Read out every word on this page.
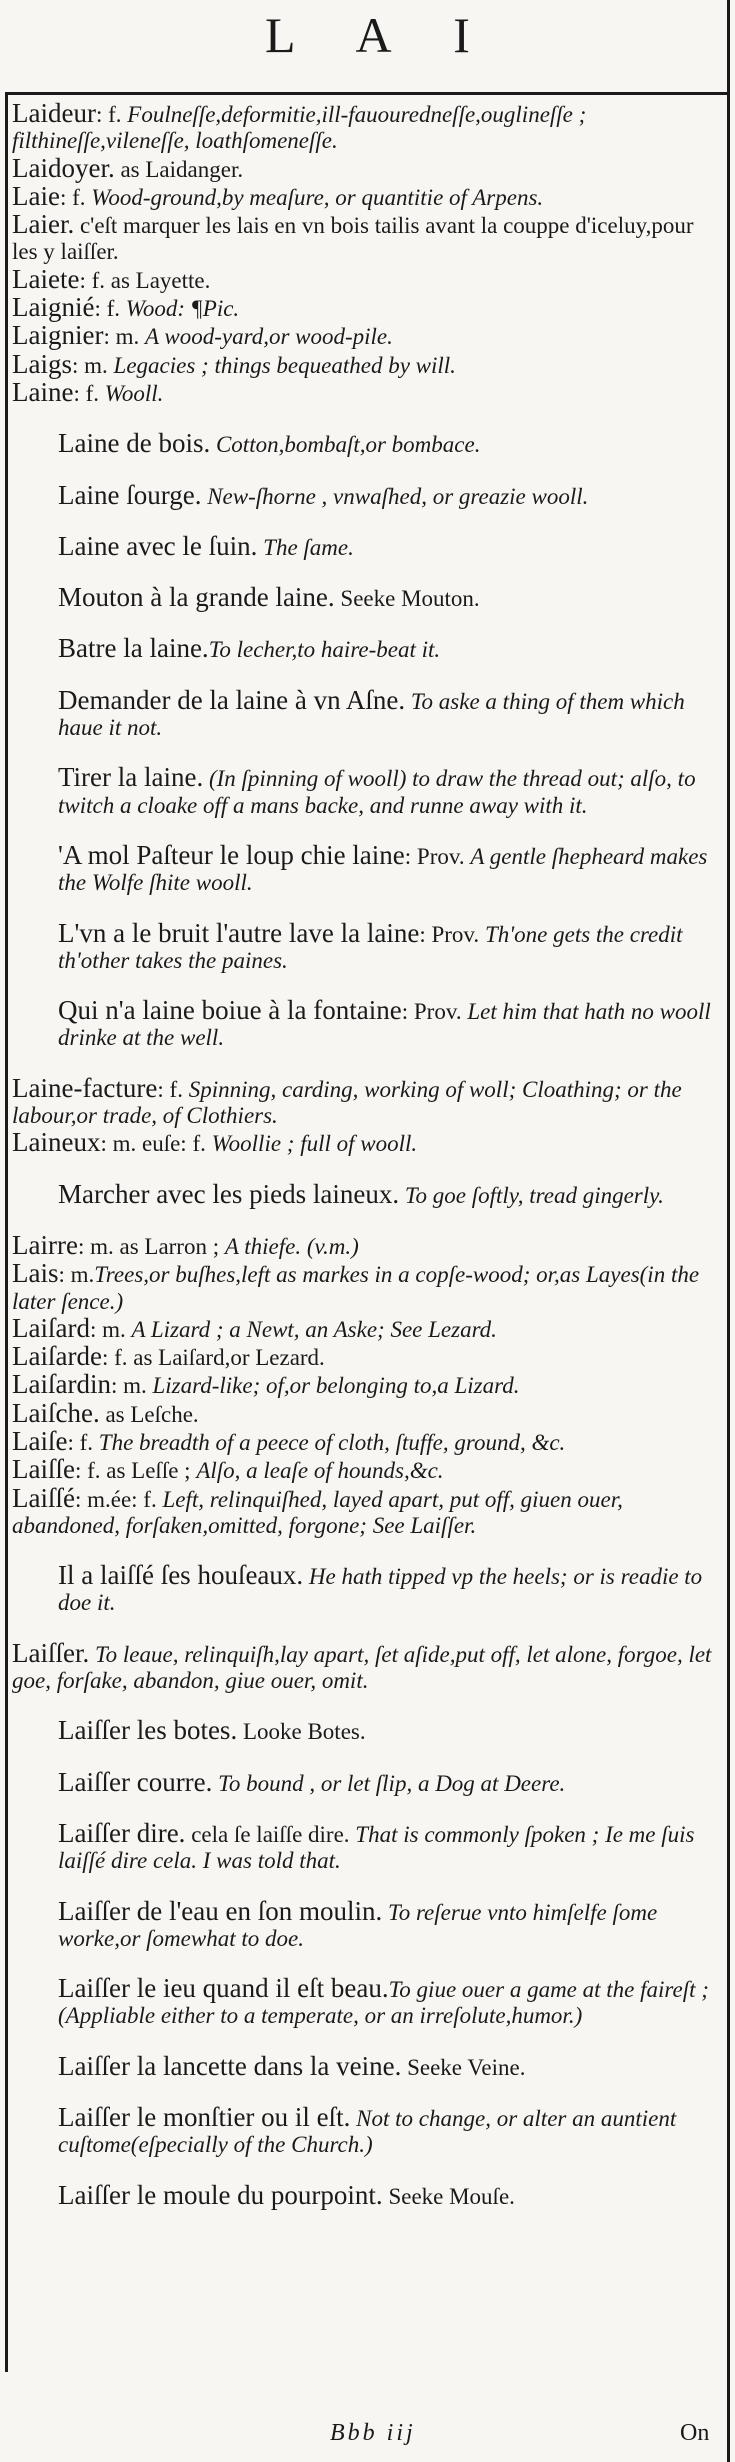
L A I

Laideur: f. Foulneſſe,deformitie,ill-fauouredneſſe,ouglineſſe ; filthineſſe,vileneſſe, loathſomeneſſe.

Laidoyer. as Laidanger.

Laie: f. Wood-ground,by meaſure, or quantitie of Arpens.

Laier. c'eſt marquer les lais en vn bois tailis avant la couppe d'iceluy,pour les y laiſſer.

Laiete: f. as Layette.

Laignié: f. Wood: ¶Pic.

Laignier: m. A wood-yard,or wood-pile.

Laigs: m. Legacies ; things bequeathed by will.

Laine: f. Wooll.

Laine de bois. Cotton,bombaſt,or bombace.

Laine ſourge. New-ſhorne , vnwaſhed, or greazie wooll.

Laine avec le ſuin. The ſame.

Mouton à la grande laine. Seeke Mouton.

Batre la laine.To lecher,to haire-beat it.

Demander de la laine à vn Aſne. To aske a thing of them which haue it not.

Tirer la laine. (In ſpinning of wooll) to draw the thread out; alſo, to twitch a cloake off a mans backe, and runne away with it.

'A mol Paſteur le loup chie laine: Prov. A gentle ſhepheard makes the Wolfe ſhite wooll.

L'vn a le bruit l'autre lave la laine: Prov. Th'one gets the credit th'other takes the paines.

Qui n'a laine boiue à la fontaine: Prov. Let him that hath no wooll drinke at the well.

Laine-facture: f. Spinning, carding, working of woll; Cloathing; or the labour,or trade, of Clothiers.

Laineux: m. euſe: f. Woollie ; full of wooll.

Marcher avec les pieds laineux. To goe ſoftly, tread gingerly.

Lairre: m. as Larron ; A thiefe. (v.m.)

Lais: m.Trees,or buſhes,left as markes in a copſe-wood; or,as Layes(in the later ſence.)

Laiſard: m. A Lizard ; a Newt, an Aske; See Lezard.

Laiſarde: f. as Laiſard,or Lezard.

Laiſardin: m. Lizard-like; of,or belonging to,a Lizard.

Laiſche. as Leſche.

Laiſe: f. The breadth of a peece of cloth, ſtuffe, ground, &c.

Laiſſe: f. as Leſſe ; Alſo, a leaſe of hounds,&c.

Laiſſé: m.ée: f. Left, relinquiſhed, layed apart, put off, giuen ouer, abandoned, forſaken,omitted, forgone; See Laiſſer.

Il a laiſſé ſes houſeaux. He hath tipped vp the heels; or is readie to doe it.

Laiſſer. To leaue, relinquiſh,lay apart, ſet aſide,put off, let alone, forgoe, let goe, forſake, abandon, giue ouer, omit.

Laiſſer les botes. Looke Botes.

Laiſſer courre. To bound , or let ſlip, a Dog at Deere.

Laiſſer dire. cela ſe laiſſe dire. That is commonly ſpoken ; Ie me ſuis laiſſé dire cela. I was told that.

Laiſſer de l'eau en ſon moulin. To reſerue vnto himſelfe ſome worke,or ſomewhat to doe.

Laiſſer le ieu quand il eſt beau.To giue ouer a game at the faireſt ; (Appliable either to a temperate, or an irreſolute,humor.)

Laiſſer la lancette dans la veine. Seeke Veine.

Laiſſer le monſtier ou il eſt. Not to change, or alter an auntient cuſtome(eſpecially of the Church.)

Laiſſer le moule du pourpoint. Seeke Mouſe.

Bbb iij	On
